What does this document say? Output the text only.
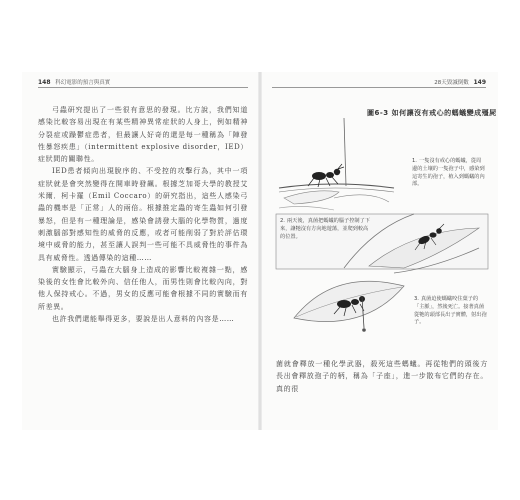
148 科幻電影的預言與真實

弓蟲研究提出了一些很有意思的發現。比方說，我們知道感染比較容易出現在有某些精神異常症狀的人身上，例如精神分裂症或躁鬱症患者，但最讓人好奇的還是每一種稱為「陣發性暴怒疾患」（intermittent explosive disorder，IED）症狀間的關聯性。

IED患者傾向出現脫序的、不受控的攻擊行為，其中一項症狀就是會突然變得在開車時發飆。根據芝加哥大學的教授艾米爾．柯卡羅（Emil Coccaro）的研究指出，這些人感染弓蟲的機率是「正常」人的兩倍。根據推定蟲的寄生蟲如何引發暴怒，但是有一種理論是，感染會誘發大腦的化學物質，過度刺激腦部對感知性的威脅的反應，或者可能削弱了對於評估環境中威脅的能力，甚至讓人誤判一些可能不具威脅性的事件為具有威脅性。透過傳染的這種……

實驗顯示，弓蟲在大腦身上造成的影響比較複雜一點，感染後的女性會比較外向、信任他人，而男性則會比較內向，對他人保持戒心。不過，男女的反應可能會根據不同的實驗而有所差異。

也許我們還能舉得更多，要說是出人意料的內容是……

28天毀滅倒數 149
圖6-3 如何讓沒有戒心的螞蟻變成殭屍
1. 一隻沒有戒心的螞蟻，從周邊的土壤的一隻孢子中，感染到這寄生的孢子，植入到螞蟻的內部。
2. 兩天後，真菌把螞蟻的腦子控制了下來，讓牠沒有方向地遊蕩，並爬到較高的位置。
3. 真菌迫使螞蟻咬住葉子的「主脈」，然後死亡。接著真菌從牠的頭部長出子實體，射出孢子。

菌就會釋放一種化學武器，殺死這些螞蟻。再從牠們的頭後方長出會釋放孢子的柄，稱為「子座」，進一步散布它們的存在。真的很
